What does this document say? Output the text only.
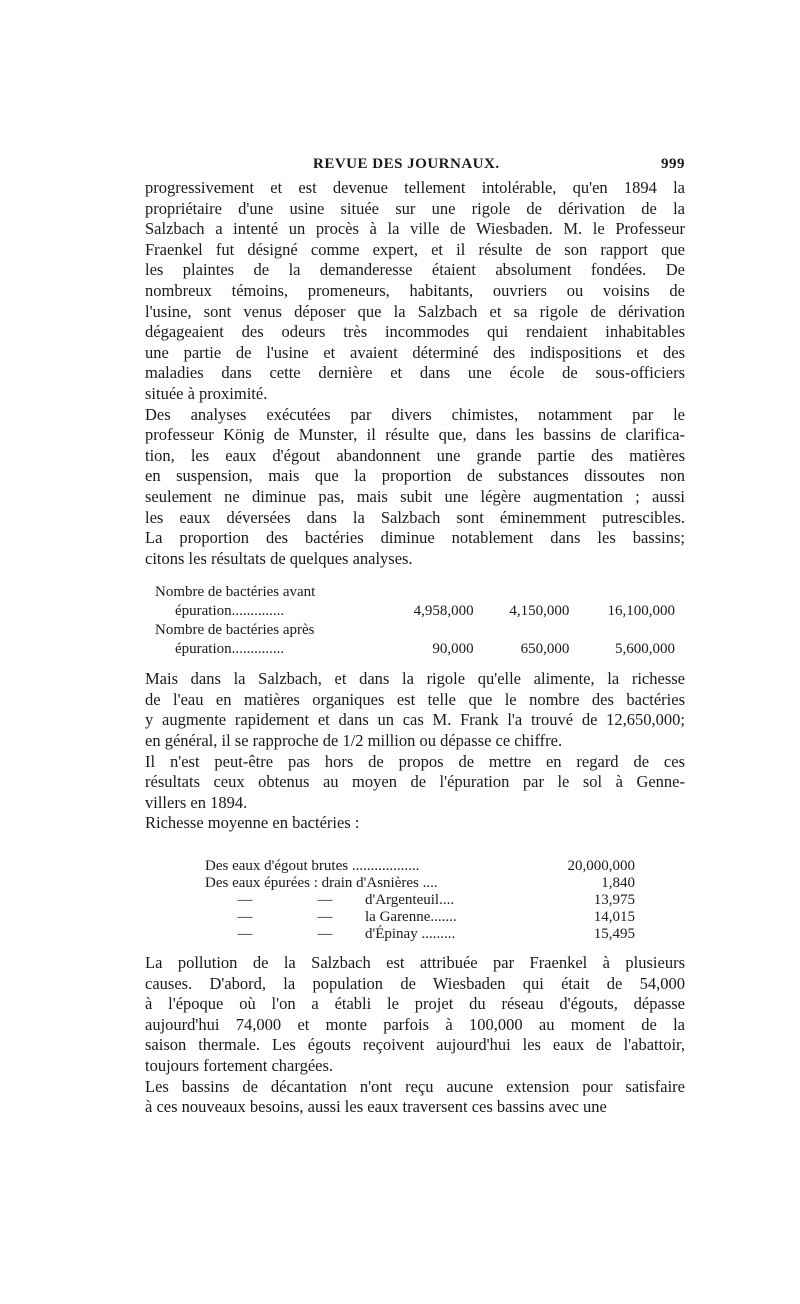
REVUE DES JOURNAUX.	999

progressivement et est devenue tellement intolérable, qu'en 1894 la
propriétaire d'une usine située sur une rigole de dérivation de la
Salzbach a intenté un procès à la ville de Wiesbaden. M. le Professeur
Fraenkel fut désigné comme expert, et il résulte de son rapport que
les plaintes de la demanderesse étaient absolument fondées. De
nombreux témoins, promeneurs, habitants, ouvriers ou voisins de
l'usine, sont venus déposer que la Salzbach et sa rigole de dérivation
dégageaient des odeurs très incommodes qui rendaient inhabitables
une partie de l'usine et avaient déterminé des indispositions et des
maladies dans cette dernière et dans une école de sous-officiers
située à proximité.

Des analyses exécutées par divers chimistes, notamment par le
professeur König de Munster, il résulte que, dans les bassins de clarifica-
tion, les eaux d'égout abandonnent une grande partie des matières
en suspension, mais que la proportion de substances dissoutes non
seulement ne diminue pas, mais subit une légère augmentation ; aussi
les eaux déversées dans la Salzbach sont éminemment putrescibles.
La proportion des bactéries diminue notablement dans les bassins;
citons les résultats de quelques analyses.

Nombre de bactéries avant			
épuration..............	4,958,000	4,150,000	16,100,000
Nombre de bactéries après			
épuration..............	90,000	650,000	5,600,000

Mais dans la Salzbach, et dans la rigole qu'elle alimente, la richesse
de l'eau en matières organiques est telle que le nombre des bactéries
y augmente rapidement et dans un cas M. Frank l'a trouvé de 12,650,000;
en général, il se rapproche de 1/2 million ou dépasse ce chiffre.

Il n'est peut-être pas hors de propos de mettre en regard de ces
résultats ceux obtenus au moyen de l'épuration par le sol à Genne-
villers en 1894.

Richesse moyenne en bactéries :

Des eaux d'égout brutes ..................	20,000,000
Des eaux épurées : drain d'Asnières ....	1,840
— — d'Argenteuil....	13,975
— — la Garenne.......	14,015
— — d'Épinay .........	15,495

La pollution de la Salzbach est attribuée par Fraenkel à plusieurs
causes. D'abord, la population de Wiesbaden qui était de 54,000
à l'époque où l'on a établi le projet du réseau d'égouts, dépasse
aujourd'hui 74,000 et monte parfois à 100,000 au moment de la
saison thermale. Les égouts reçoivent aujourd'hui les eaux de l'abattoir,
toujours fortement chargées.

Les bassins de décantation n'ont reçu aucune extension pour satisfaire
à ces nouveaux besoins, aussi les eaux traversent ces bassins avec une
